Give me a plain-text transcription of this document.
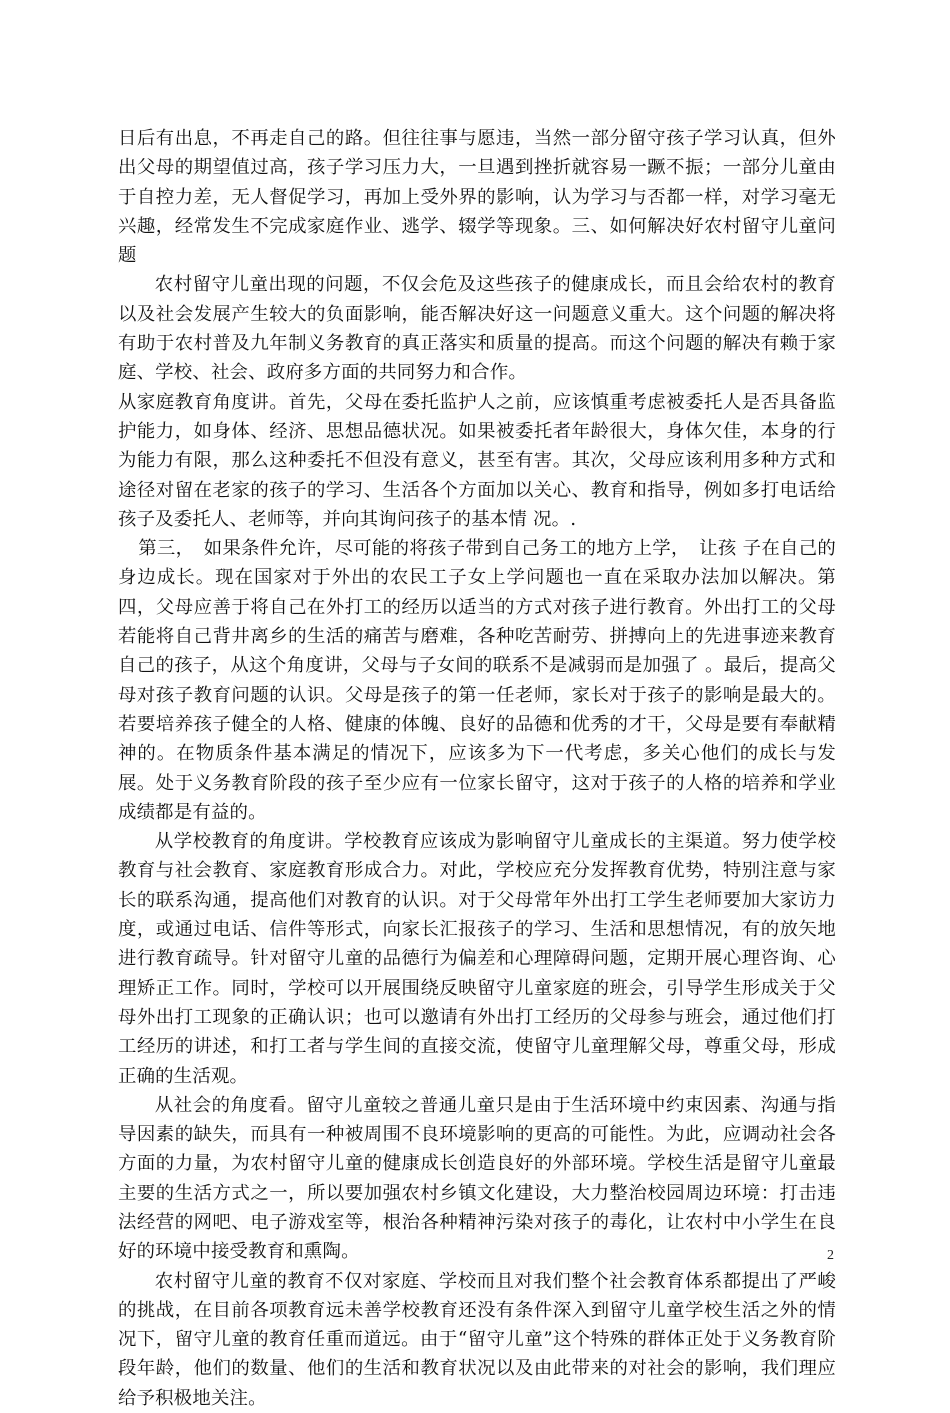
日后有出息，不再走自己的路。但往往事与愿违，当然一部分留守孩子学习认真，但外出父母的期望值过高，孩子学习压力大，一旦遇到挫折就容易一蹶不振；一部分儿童由于自控力差，无人督促学习，再加上受外界的影响，认为学习与否都一样，对学习毫无兴趣，经常发生不完成家庭作业、逃学、辍学等现象。三、如何解决好农村留守儿童问题

农村留守儿童出现的问题，不仅会危及这些孩子的健康成长，而且会给农村的教育以及社会发展产生较大的负面影响，能否解决好这一问题意义重大。这个问题的解决将有助于农村普及九年制义务教育的真正落实和质量的提高。而这个问题的解决有赖于家庭、学校、社会、政府多方面的共同努力和合作。

从家庭教育角度讲。首先，父母在委托监护人之前，应该慎重考虑被委托人是否具备监护能力，如身体、经济、思想品德状况。如果被委托者年龄很大，身体欠佳，本身的行为能力有限，那么这种委托不但没有意义，甚至有害。其次，父母应该利用多种方式和途径对留在老家的孩子的学习、生活各个方面加以关心、教育和指导，例如多打电话给孩子及委托人、老师等，并向其询问孩子的基本情 况。.

第三，　如果条件允许，尽可能的将孩子带到自己务工的地方上学，　让孩 子在自己的身边成长。现在国家对于外出的农民工子女上学问题也一直在采取办法加以解决。第四，父母应善于将自己在外打工的经历以适当的方式对孩子进行教育。外出打工的父母若能将自己背井离乡的生活的痛苦与磨难，各种吃苦耐劳、拼搏向上的先进事迹来教育自己的孩子，从这个角度讲，父母与子女间的联系不是减弱而是加强了 。最后，提高父母对孩子教育问题的认识。父母是孩子的第一任老师，家长对于孩子的影响是最大的。若要培养孩子健全的人格、健康的体魄、良好的品德和优秀的才干，父母是要有奉献精神的。在物质条件基本满足的情况下，应该多为下一代考虑，多关心他们的成长与发展。处于义务教育阶段的孩子至少应有一位家长留守，这对于孩子的人格的培养和学业成绩都是有益的。

从学校教育的角度讲。学校教育应该成为影响留守儿童成长的主渠道。努力使学校教育与社会教育、家庭教育形成合力。对此，学校应充分发挥教育优势，特别注意与家长的联系沟通，提高他们对教育的认识。对于父母常年外出打工学生老师要加大家访力度，或通过电话、信件等形式，向家长汇报孩子的学习、生活和思想情况，有的放矢地进行教育疏导。针对留守儿童的品德行为偏差和心理障碍问题，定期开展心理咨询、心理矫正工作。同时，学校可以开展围绕反映留守儿童家庭的班会，引导学生形成关于父母外出打工现象的正确认识；也可以邀请有外出打工经历的父母参与班会，通过他们打工经历的讲述，和打工者与学生间的直接交流，使留守儿童理解父母，尊重父母，形成正确的生活观。

从社会的角度看。留守儿童较之普通儿童只是由于生活环境中约束因素、沟通与指导因素的缺失，而具有一种被周围不良环境影响的更高的可能性。为此，应调动社会各方面的力量，为农村留守儿童的健康成长创造良好的外部环境。学校生活是留守儿童最主要的生活方式之一，所以要加强农村乡镇文化建设，大力整治校园周边环境：打击违法经营的网吧、电子游戏室等，根治各种精神污染对孩子的毒化，让农村中小学生在良好的环境中接受教育和熏陶。

农村留守儿童的教育不仅对家庭、学校而且对我们整个社会教育体系都提出了严峻的挑战，在目前各项教育远未善学校教育还没有条件深入到留守儿童学校生活之外的情况下，留守儿童的教育任重而道远。由于“留守儿童”这个特殊的群体正处于义务教育阶段年龄，他们的数量、他们的生活和教育状况以及由此带来的对社会的影响，我们理应给予积极地关注。

2
